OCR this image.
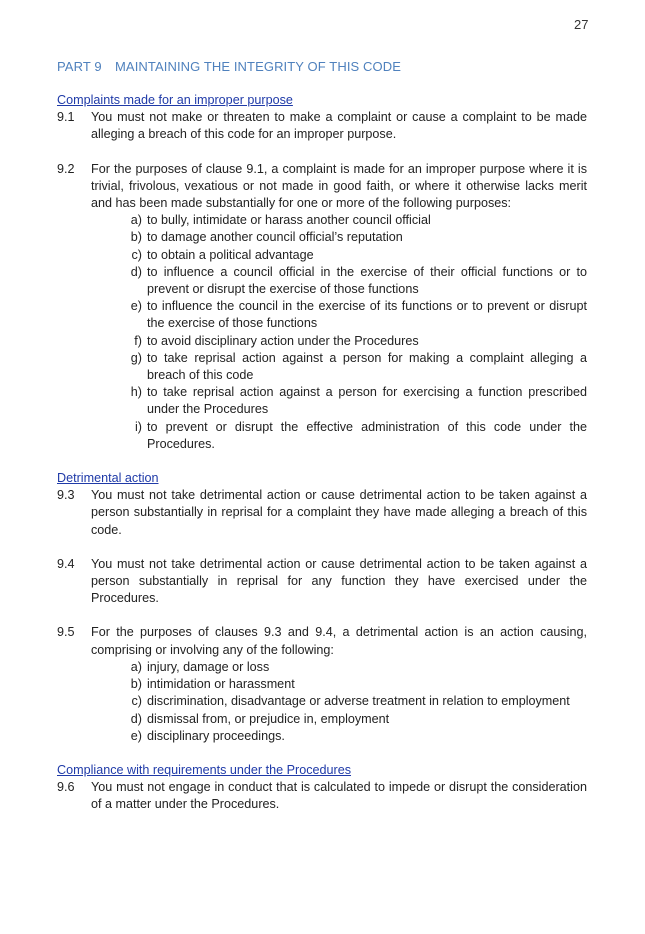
27
PART 9 MAINTAINING THE INTEGRITY OF THIS CODE

Complaints made for an improper purpose

9.1	You must not make or threaten to make a complaint or cause a complaint to be made alleging a breach of this code for an improper purpose.
9.2	For the purposes of clause 9.1, a complaint is made for an improper purpose where it is trivial, frivolous, vexatious or not made in good faith, or where it otherwise lacks merit and has been made substantially for one or more of the following purposes:
a) to bully, intimidate or harass another council official
b) to damage another council official’s reputation
c) to obtain a political advantage
d) to influence a council official in the exercise of their official functions or to prevent or disrupt the exercise of those functions
e) to influence the council in the exercise of its functions or to prevent or disrupt the exercise of those functions
f) to avoid disciplinary action under the Procedures
g) to take reprisal action against a person for making a complaint alleging a breach of this code
h) to take reprisal action against a person for exercising a function prescribed under the Procedures
i) to prevent or disrupt the effective administration of this code under the Procedures.

Detrimental action

9.3	You must not take detrimental action or cause detrimental action to be taken against a person substantially in reprisal for a complaint they have made alleging a breach of this code.
9.4	You must not take detrimental action or cause detrimental action to be taken against a person substantially in reprisal for any function they have exercised under the Procedures.
9.5	For the purposes of clauses 9.3 and 9.4, a detrimental action is an action causing, comprising or involving any of the following:
a) injury, damage or loss
b) intimidation or harassment
c) discrimination, disadvantage or adverse treatment in relation to employment
d) dismissal from, or prejudice in, employment
e) disciplinary proceedings.

Compliance with requirements under the Procedures

9.6	You must not engage in conduct that is calculated to impede or disrupt the consideration of a matter under the Procedures.
